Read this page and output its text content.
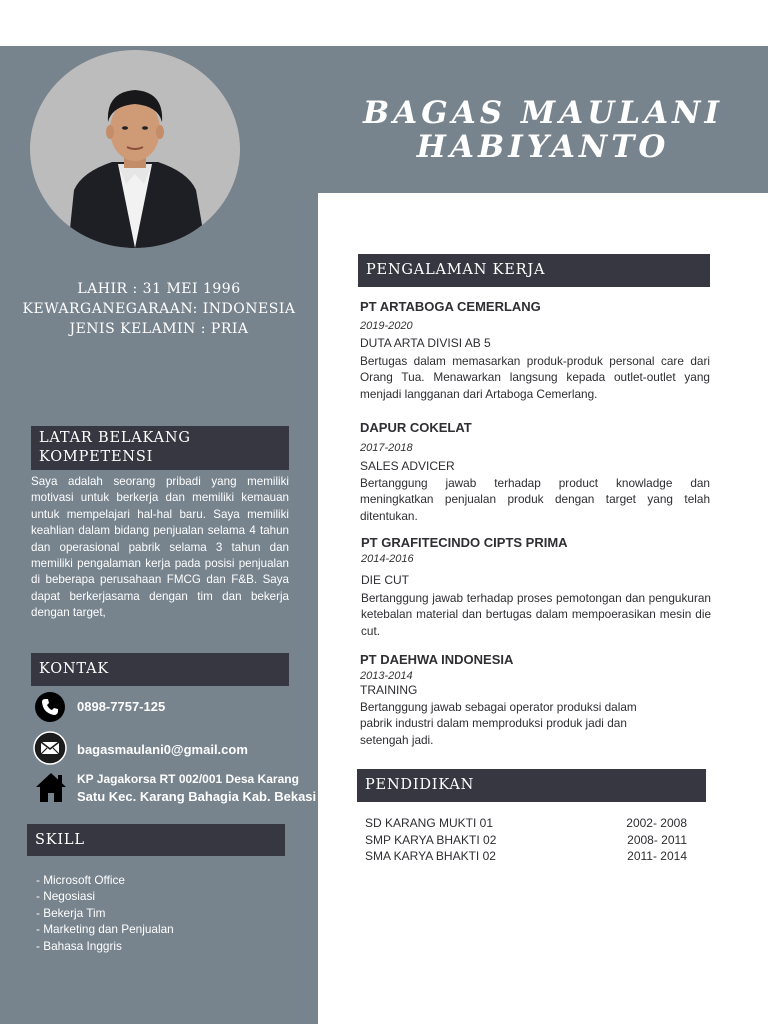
BAGAS MAULANI
HABIYANTO
LAHIR : 31 MEI 1996
KEWARGANEGARAAN: INDONESIA
JENIS KELAMIN : PRIA
LATAR BELAKANG
KOMPETENSI
Saya adalah seorang pribadi yang memiliki motivasi untuk berkerja dan memiliki kemauan untuk mempelajari hal-hal baru. Saya memiliki keahlian dalam bidang penjualan selama 4 tahun dan operasional pabrik selama 3 tahun dan memiliki pengalaman kerja pada posisi penjualan di beberapa perusahaan FMCG dan F&B. Saya dapat berkerjasama dengan tim dan bekerja dengan target,
KONTAK
0898-7757-125
bagasmaulani0@gmail.com
KP Jagakorsa RT 002/001 Desa Karang
Satu Kec. Karang Bahagia Kab. Bekasi
SKILL
- Microsoft Office
- Negosiasi
- Bekerja Tim
- Marketing dan Penjualan
- Bahasa Inggris
PENGALAMAN KERJA
PT ARTABOGA CEMERLANG
2019-2020
DUTA ARTA DIVISI AB 5
Bertugas dalam memasarkan produk-produk personal care dari Orang Tua. Menawarkan langsung kepada outlet-outlet yang menjadi langganan dari Artaboga Cemerlang.
DAPUR COKELAT
2017-2018
SALES ADVICER
Bertanggung jawab terhadap product knowladge dan meningkatkan penjualan produk dengan target yang telah ditentukan.
PT GRAFITECINDO CIPTS PRIMA
2014-2016
DIE CUT
Bertanggung jawab terhadap proses pemotongan dan pengukuran ketebalan material dan bertugas dalam mempoerasikan mesin die cut.
PT DAEHWA INDONESIA
2013-2014
TRAINING
Bertanggung jawab sebagai operator produksi dalam
pabrik industri dalam memproduksi produk jadi dan
setengah jadi.
PENDIDIKAN
SD KARANG MUKTI 01	2002- 2008
SMP KARYA BHAKTI 02	2008- 2011
SMA KARYA BHAKTI 02	2011- 2014
